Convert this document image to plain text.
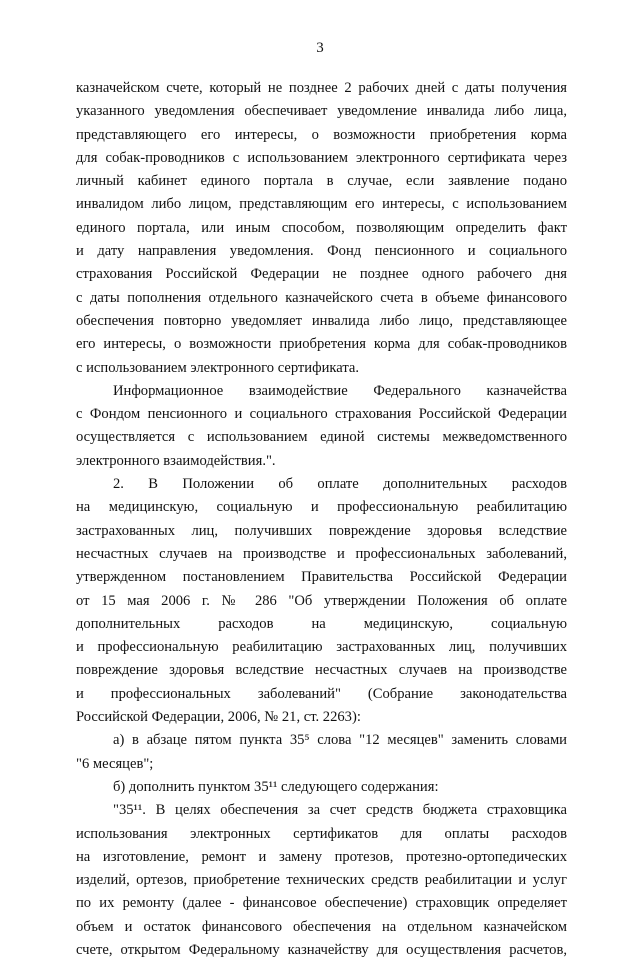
3
казначейском счете, который не позднее 2 рабочих дней с даты получения
указанного уведомления обеспечивает уведомление инвалида либо лица,
представляющего его интересы, о возможности приобретения корма
для собак-проводников с использованием электронного сертификата через
личный кабинет единого портала в случае, если заявление подано
инвалидом либо лицом, представляющим его интересы, с использованием
единого портала, или иным способом, позволяющим определить факт
и дату направления уведомления. Фонд пенсионного и социального
страхования Российской Федерации не позднее одного рабочего дня
с даты пополнения отдельного казначейского счета в объеме финансового
обеспечения повторно уведомляет инвалида либо лицо, представляющее
его интересы, о возможности приобретения корма для собак-проводников
с использованием электронного сертификата.
Информационное взаимодействие Федерального казначейства
с Фондом пенсионного и социального страхования Российской Федерации
осуществляется с использованием единой системы межведомственного
электронного взаимодействия.".
2. В Положении об оплате дополнительных расходов
на медицинскую, социальную и профессиональную реабилитацию
застрахованных лиц, получивших повреждение здоровья вследствие
несчастных случаев на производстве и профессиональных заболеваний,
утвержденном постановлением Правительства Российской Федерации
от 15 мая 2006 г. № 286 "Об утверждении Положения об оплате
дополнительных расходов на медицинскую, социальную
и профессиональную реабилитацию застрахованных лиц, получивших
повреждение здоровья вследствие несчастных случаев на производстве
и профессиональных заболеваний" (Собрание законодательства
Российской Федерации, 2006, № 21, ст. 2263):
а) в абзаце пятом пункта 35⁵ слова "12 месяцев" заменить словами
"6 месяцев";
б) дополнить пунктом 35¹¹ следующего содержания:
"35¹¹. В целях обеспечения за счет средств бюджета страховщика
использования электронных сертификатов для оплаты расходов
на изготовление, ремонт и замену протезов, протезно-ортопедических
изделий, ортезов, приобретение технических средств реабилитации и услуг
по их ремонту (далее - финансовое обеспечение) страховщик определяет
объем и остаток финансового обеспечения на отдельном казначейском
счете, открытом Федеральному казначейству для осуществления расчетов,
